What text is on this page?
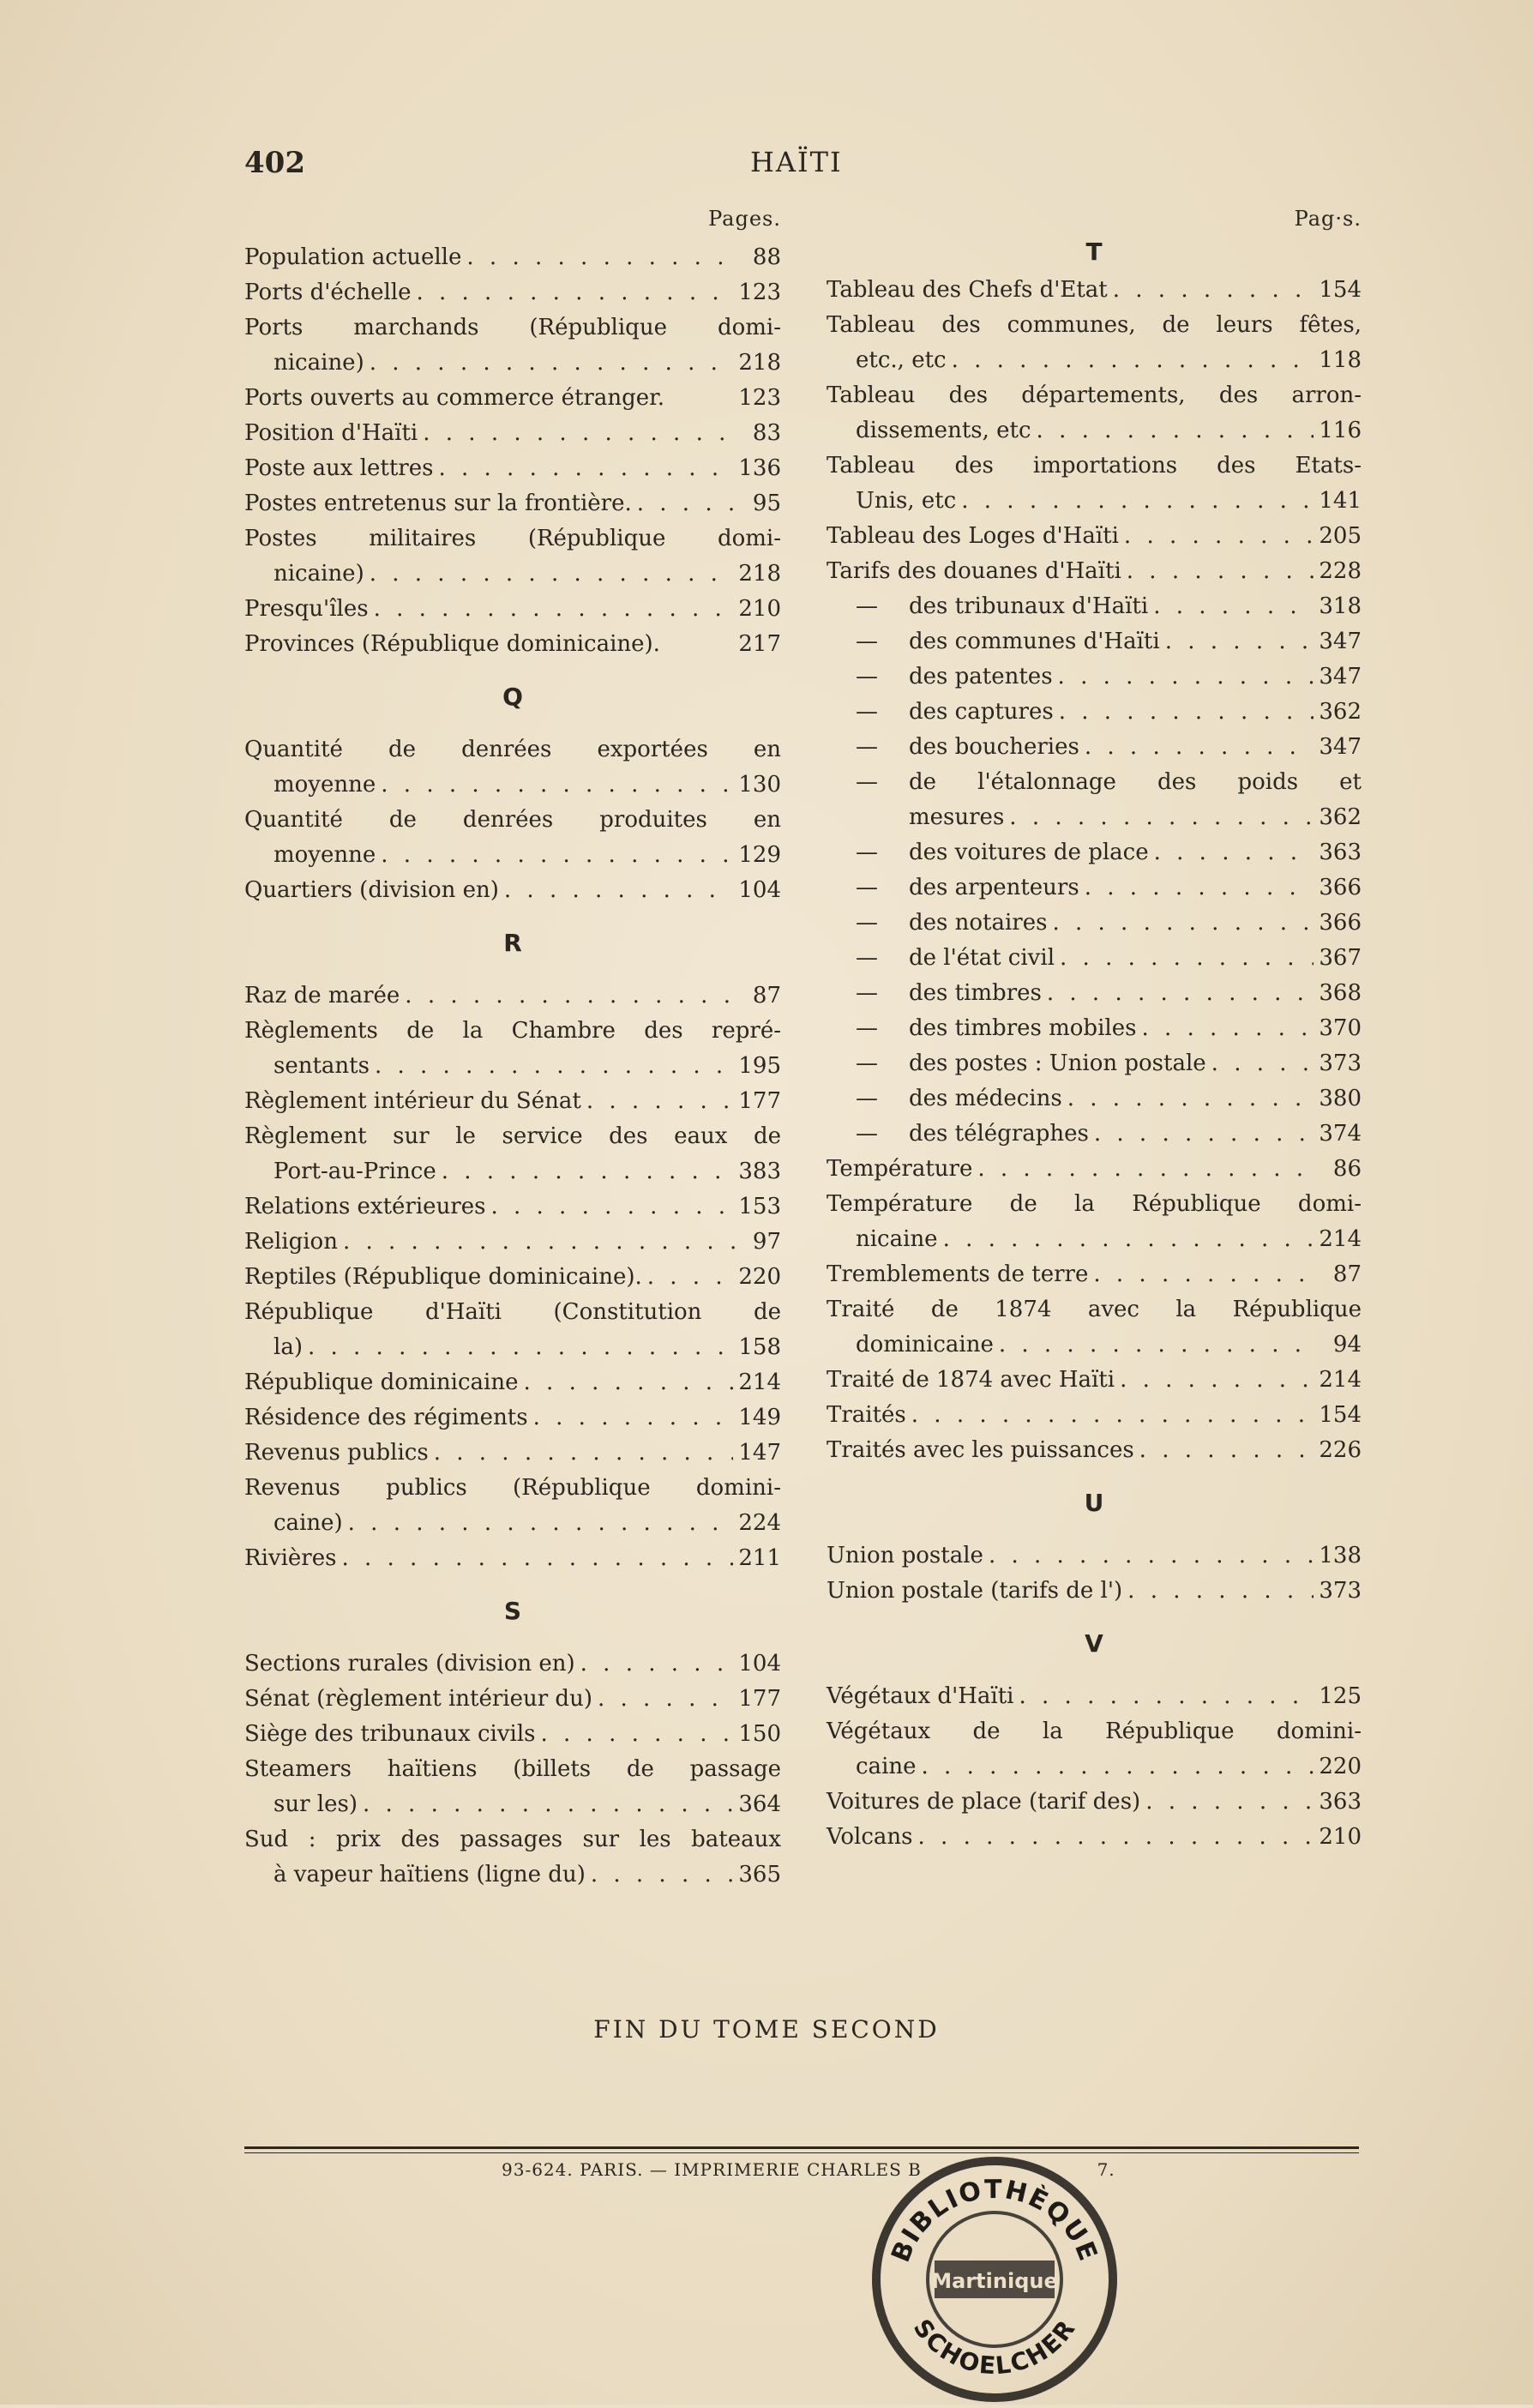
402	HAÏTI
Pages.
Population actuelle . . .	88
Ports d'échelle . . .	123
Ports marchands (République domi-
nicaine) . . .	218
Ports ouverts au commerce étranger.	123
Position d'Haïti . . .	83
Poste aux lettres . . .	136
Postes entretenus sur la frontière. . . .	95
Postes militaires (République domi-
nicaine) . . .	218
Presqu'îles . . .	210
Provinces (République dominicaine).	217
Q
Quantité de denrées exportées en
moyenne . . .	130
Quantité de denrées produites en
moyenne . . .	129
Quartiers (division en) . . .	104
R
Raz de marée . . .	87
Règlements de la Chambre des repré-
sentants . . .	195
Règlement intérieur du Sénat . . .	177
Règlement sur le service des eaux de
Port-au-Prince . . .	383
Relations extérieures . . .	153
Religion . . .	97
Reptiles (République dominicaine). . . .	220
République d'Haïti (Constitution de
la) . . .	158
République dominicaine . . .	214
Résidence des régiments . . .	149
Revenus publics . . .	147
Revenus publics (République domini-
caine) . . .	224
Rivières . . .	211
S
Sections rurales (division en) . . .	104
Sénat (règlement intérieur du) . . .	177
Siège des tribunaux civils . . .	150
Steamers haïtiens (billets de passage
sur les) . . .	364
Sud : prix des passages sur les bateaux
à vapeur haïtiens (ligne du) . . .	365
Pag·s.
T
Tableau des Chefs d'Etat . . .	154
Tableau des communes, de leurs fêtes,
etc., etc . . .	118
Tableau des départements, des arron-
dissements, etc . . .	116
Tableau des importations des Etats-
Unis, etc . . .	141
Tableau des Loges d'Haïti . . .	205
Tarifs des douanes d'Haïti . . .	228
—	des tribunaux d'Haïti . . .	318
—	des communes d'Haïti . . .	347
—	des patentes . . .	347
—	des captures . . .	362
—	des boucheries . . .	347
—	de l'étalonnage des poids et
mesures . . .	362
—	des voitures de place . . .	363
—	des arpenteurs . . .	366
—	des notaires . . .	366
—	de l'état civil . . .	367
—	des timbres . . .	368
—	des timbres mobiles . . .	370
—	des postes : Union postale . . .	373
—	des médecins . . .	380
—	des télégraphes . . .	374
Température . . .	86
Température de la République domi-
nicaine . . .	214
Tremblements de terre . . .	87
Traité de 1874 avec la République
dominicaine . . .	94
Traité de 1874 avec Haïti . . .	214
Traités . . .	154
Traités avec les puissances . . .	226
U
Union postale . . .	138
Union postale (tarifs de l') . . .	373
V
Végétaux d'Haïti . . .	125
Végétaux de la République domini-
caine . . .	220
Voitures de place (tarif des) . . .	363
Volcans . . .	210
FIN DU TOME SECOND
93-624. PARIS. — IMPRIMERIE CHARLES B	7.
BIBLIOTHÈQUE
Martinique
SCHOELCHER
